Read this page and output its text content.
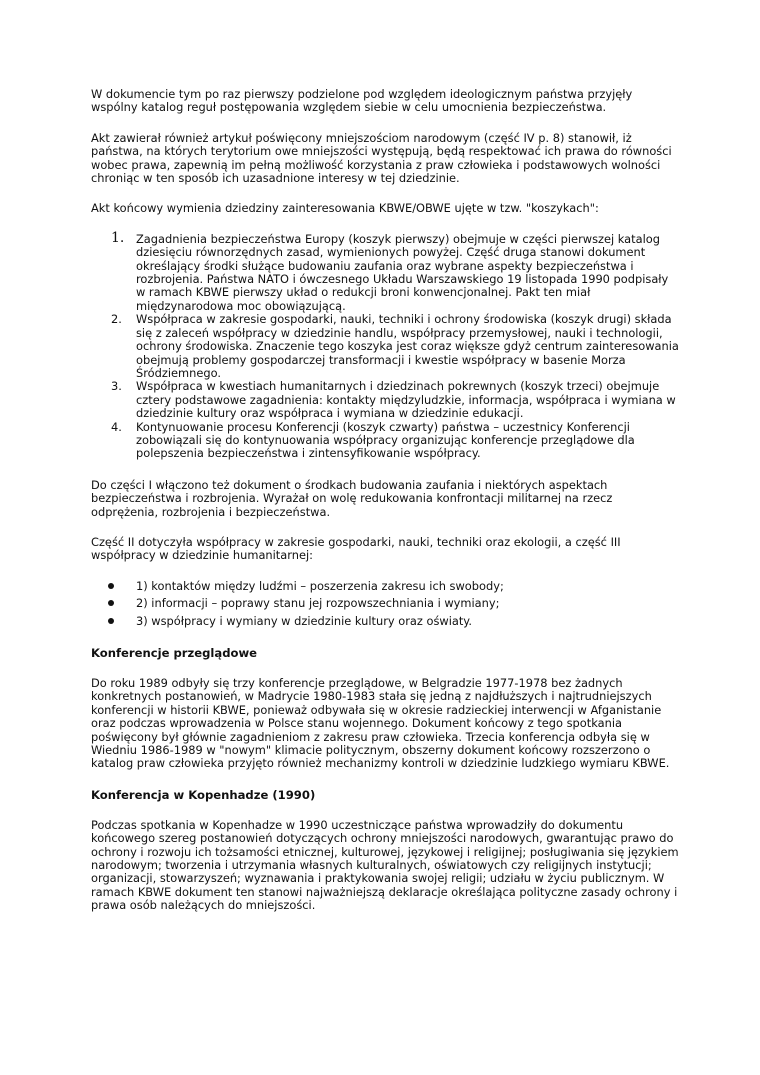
W dokumencie tym po raz pierwszy podzielone pod względem ideologicznym państwa przyjęły wspólny katalog reguł postępowania względem siebie w celu umocnienia bezpieczeństwa.

Akt zawierał również artykuł poświęcony mniejszościom narodowym (część IV p. 8) stanowił, iż państwa, na których terytorium owe mniejszości występują, będą respektować ich prawa do równości wobec prawa, zapewnią im pełną możliwość korzystania z praw człowieka i podstawowych wolności chroniąc w ten sposób ich uzasadnione interesy w tej dziedzinie.

Akt końcowy wymienia dziedziny zainteresowania KBWE/OBWE ujęte w tzw. "koszykach":

Zagadnienia bezpieczeństwa Europy (koszyk pierwszy) obejmuje w części pierwszej katalog dziesięciu równorzędnych zasad, wymienionych powyżej. Część druga stanowi dokument określający środki służące budowaniu zaufania oraz wybrane aspekty bezpieczeństwa i rozbrojenia. Państwa NATO i ówczesnego Układu Warszawskiego 19 listopada 1990 podpisały w ramach KBWE pierwszy układ o redukcji broni konwencjonalnej. Pakt ten miał międzynarodowa moc obowiązującą.
Współpraca w zakresie gospodarki, nauki, techniki i ochrony środowiska (koszyk drugi) składa się z zaleceń współpracy w dziedzinie handlu, współpracy przemysłowej, nauki i technologii, ochrony środowiska. Znaczenie tego koszyka jest coraz większe gdyż centrum zainteresowania obejmują problemy gospodarczej transformacji i kwestie współpracy w basenie Morza Śródziemnego.
Współpraca w kwestiach humanitarnych i dziedzinach pokrewnych (koszyk trzeci) obejmuje cztery podstawowe zagadnienia: kontakty międzyludzkie, informacja, współpraca i wymiana w dziedzinie kultury oraz współpraca i wymiana w dziedzinie edukacji.
Kontynuowanie procesu Konferencji (koszyk czwarty) państwa – uczestnicy Konferencji zobowiązali się do kontynuowania współpracy organizując konferencje przeglądowe dla polepszenia bezpieczeństwa i zintensyfikowanie współpracy.

Do części I włączono też dokument o środkach budowania zaufania i niektórych aspektach bezpieczeństwa i rozbrojenia. Wyrażał on wolę redukowania konfrontacji militarnej na rzecz odprężenia, rozbrojenia i bezpieczeństwa.

Część II dotyczyła współpracy w zakresie gospodarki, nauki, techniki oraz ekologii, a część III współpracy w dziedzinie humanitarnej:

1) kontaktów między ludźmi – poszerzenia zakresu ich swobody;
2) informacji – poprawy stanu jej rozpowszechniania i wymiany;
3) współpracy i wymiany w dziedzinie kultury oraz oświaty.
Konferencje przeglądowe

Do roku 1989 odbyły się trzy konferencje przeglądowe, w Belgradzie 1977-1978 bez żadnych konkretnych postanowień, w Madrycie 1980-1983 stała się jedną z najdłuższych i najtrudniejszych konferencji w historii KBWE, ponieważ odbywała się w okresie radzieckiej interwencji w Afganistanie oraz podczas wprowadzenia w Polsce stanu wojennego. Dokument końcowy z tego spotkania poświęcony był głównie zagadnieniom z zakresu praw człowieka. Trzecia konferencja odbyła się w Wiedniu 1986-1989 w "nowym" klimacie politycznym, obszerny dokument końcowy rozszerzono o katalog praw człowieka przyjęto również mechanizmy kontroli w dziedzinie ludzkiego wymiaru KBWE.

Konferencja w Kopenhadze (1990)

Podczas spotkania w Kopenhadze w 1990 uczestniczące państwa wprowadziły do dokumentu końcowego szereg postanowień dotyczących ochrony mniejszości narodowych, gwarantując prawo do ochrony i rozwoju ich tożsamości etnicznej, kulturowej, językowej i religijnej; posługiwania się językiem narodowym; tworzenia i utrzymania własnych kulturalnych, oświatowych czy religijnych instytucji; organizacji, stowarzyszeń; wyznawania i praktykowania swojej religii; udziału w życiu publicznym. W ramach KBWE dokument ten stanowi najważniejszą deklaracje określająca polityczne zasady ochrony i prawa osób należących do mniejszości.
